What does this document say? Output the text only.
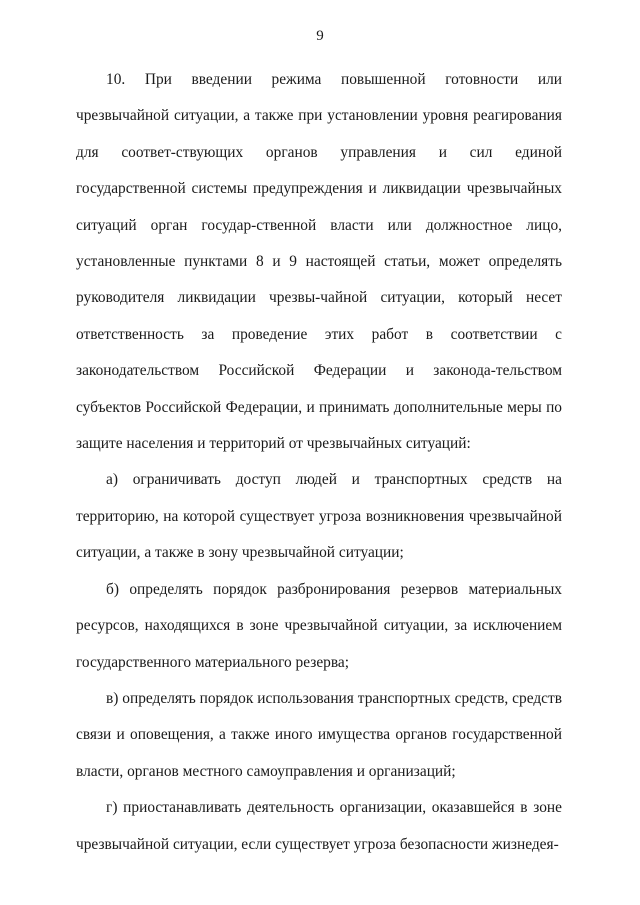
9

10. При введении режима повышенной готовности или чрезвычайной ситуации, а также при установлении уровня реагирования для соответ-ствующих органов управления и сил единой государственной системы предупреждения и ликвидации чрезвычайных ситуаций орган государ-ственной власти или должностное лицо, установленные пунктами 8 и 9 настоящей статьи, может определять руководителя ликвидации чрезвы-чайной ситуации, который несет ответственность за проведение этих работ в соответствии с законодательством Российской Федерации и законода-тельством субъектов Российской Федерации, и принимать дополнительные меры по защите населения и территорий от чрезвычайных ситуаций:

а) ограничивать доступ людей и транспортных средств на территорию, на которой существует угроза возникновения чрезвычайной ситуации, а также в зону чрезвычайной ситуации;

б) определять порядок разбронирования резервов материальных ресурсов, находящихся в зоне чрезвычайной ситуации, за исключением государственного материального резерва;

в) определять порядок использования транспортных средств, средств связи и оповещения, а также иного имущества органов государственной власти, органов местного самоуправления и организаций;

г) приостанавливать деятельность организации, оказавшейся в зоне чрезвычайной ситуации, если существует угроза безопасности жизнедея-
